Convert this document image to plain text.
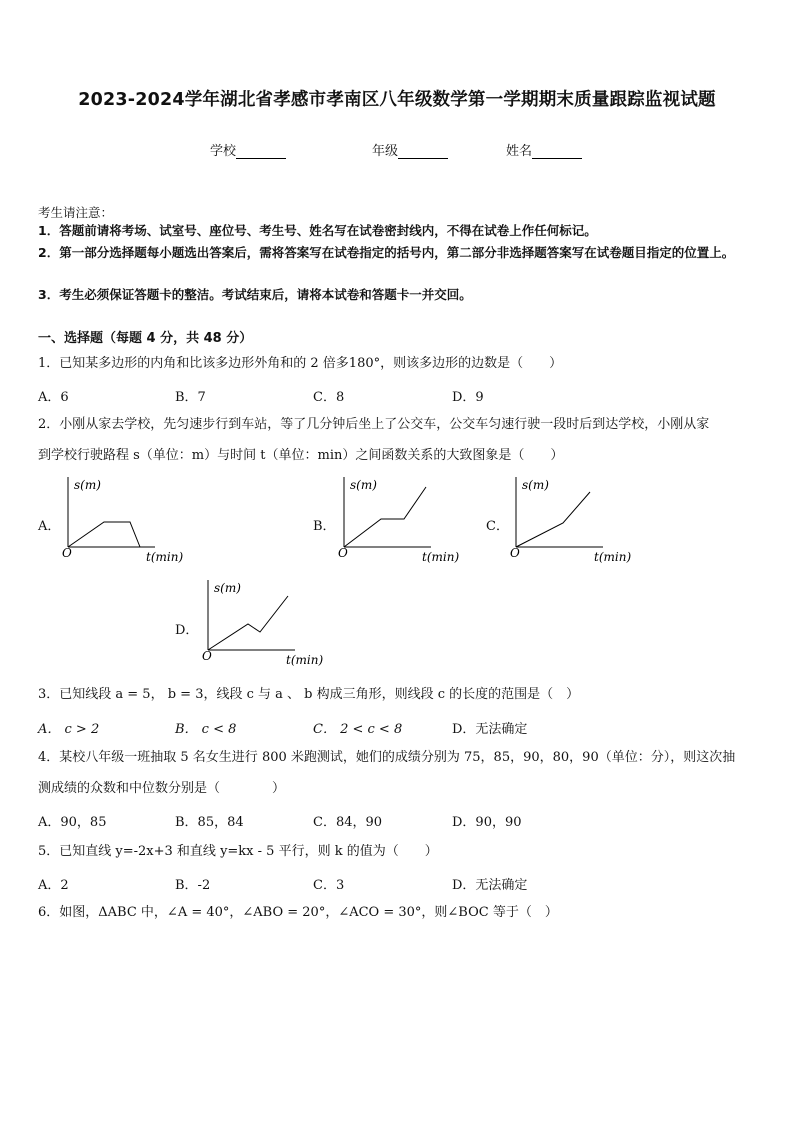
2023-2024学年湖北省孝感市孝南区八年级数学第一学期期末质量跟踪监视试题
学校	年级	姓名
考生请注意：
1．答题前请将考场、试室号、座位号、考生号、姓名写在试卷密封线内，不得在试卷上作任何标记。
2．第一部分选择题每小题选出答案后，需将答案写在试卷指定的括号内，第二部分非选择题答案写在试卷题目指定的位置上。
3．考生必须保证答题卡的整洁。考试结束后，请将本试卷和答题卡一并交回。
一、选择题（每题 4 分，共 48 分）
1．已知某多边形的内角和比该多边形外角和的 2 倍多180°，则该多边形的边数是（　　）
A．6	B．7	C．8	D．9
2．小刚从家去学校，先匀速步行到车站，等了几分钟后坐上了公交车，公交车匀速行驶一段时后到达学校，小刚从家
到学校行驶路程 s（单位：m）与时间 t（单位：min）之间函数关系的大致图象是（　　）
A．
s(m)
t(min)
O
B．
s(m)
t(min)
O
C．
s(m)
t(min)
O
D．
s(m)
t(min)
O
3．已知线段 a = 5， b = 3，线段 c 与 a 、 b 构成三角形，则线段 c 的长度的范围是（　）
A． c > 2	B． c < 8	C． 2 < c < 8	D．无法确定
4．某校八年级一班抽取 5 名女生进行 800 米跑测试，她们的成绩分别为 75，85，90，80，90（单位：分），则这次抽
测成绩的众数和中位数分别是（　　　　）
A．90，85	B．85，84	C．84，90	D．90，90
5．已知直线 y=-2x+3 和直线 y=kx - 5 平行，则 k 的值为（　　）
A．2	B．-2	C．3	D．无法确定
6．如图，ΔABC 中，∠A = 40°，∠ABO = 20°，∠ACO = 30°，则∠BOC 等于（　）
